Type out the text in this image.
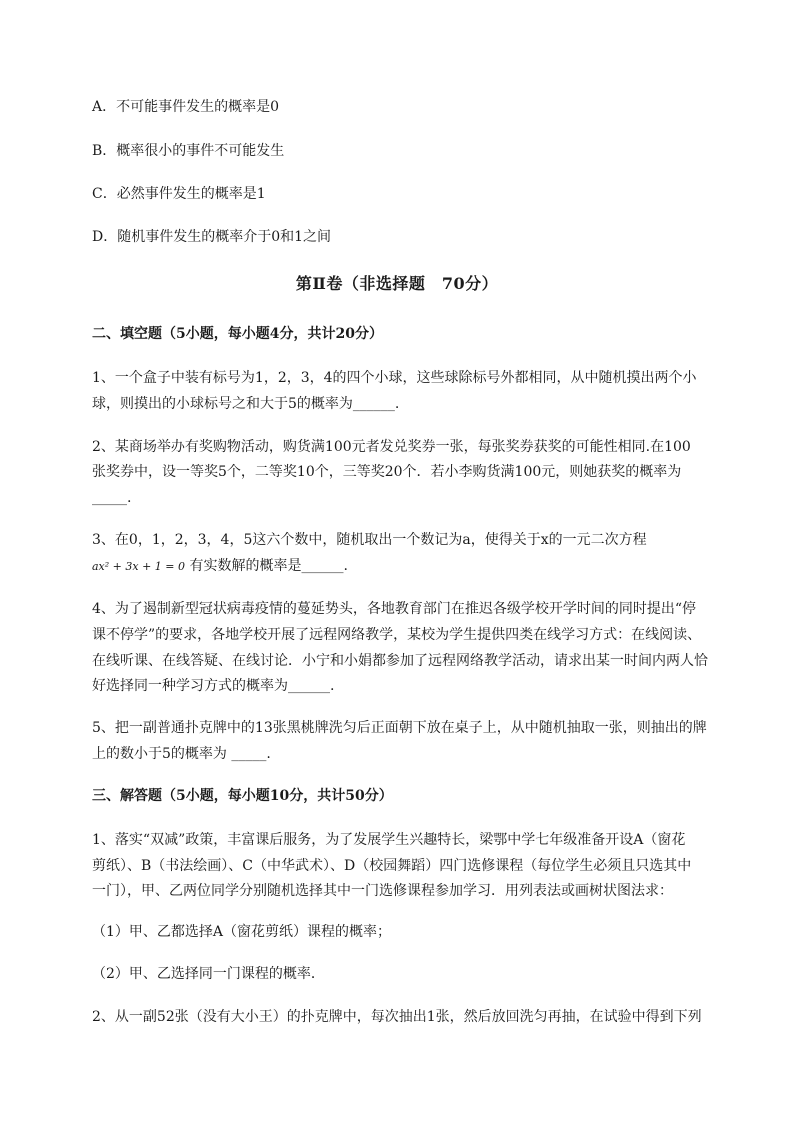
A．不可能事件发生的概率是0
B．概率很小的事件不可能发生
C．必然事件发生的概率是1
D．随机事件发生的概率介于0和1之间
第Ⅱ卷（非选择题　70分）
二、填空题（5小题，每小题4分，共计20分）
1、一个盒子中装有标号为1，2，3，4的四个小球，这些球除标号外都相同，从中随机摸出两个小
球，则摸出的小球标号之和大于5的概率为______.
2、某商场举办有奖购物活动，购货满100元者发兑奖券一张，每张奖券获奖的可能性相同.在100
张奖券中，设一等奖5个，二等奖10个，三等奖20个．若小李购货满100元，则她获奖的概率为
_____.
3、在0，1，2，3，4，5这六个数中，随机取出一个数记为a，使得关于x的一元二次方程
ax² + 3x + 1 = 0 有实数解的概率是______.
4、为了遏制新型冠状病毒疫情的蔓延势头，各地教育部门在推迟各级学校开学时间的同时提出“停
课不停学”的要求，各地学校开展了远程网络教学，某校为学生提供四类在线学习方式：在线阅读、
在线听课、在线答疑、在线讨论．小宁和小娟都参加了远程网络教学活动，请求出某一时间内两人恰
好选择同一种学习方式的概率为______.
5、把一副普通扑克牌中的13张黑桃牌洗匀后正面朝下放在桌子上，从中随机抽取一张，则抽出的牌
上的数小于5的概率为 _____.
三、解答题（5小题，每小题10分，共计50分）
1、落实“双减”政策，丰富课后服务，为了发展学生兴趣特长，梁鄂中学七年级准备开设A（窗花
剪纸）、B（书法绘画）、C（中华武术）、D（校园舞蹈）四门选修课程（每位学生必须且只选其中
一门），甲、乙两位同学分别随机选择其中一门选修课程参加学习．用列表法或画树状图法求：
（1）甲、乙都选择A（窗花剪纸）课程的概率；
（2）甲、乙选择同一门课程的概率．
2、从一副52张（没有大小王）的扑克牌中，每次抽出1张，然后放回洗匀再抽，在试验中得到下列
